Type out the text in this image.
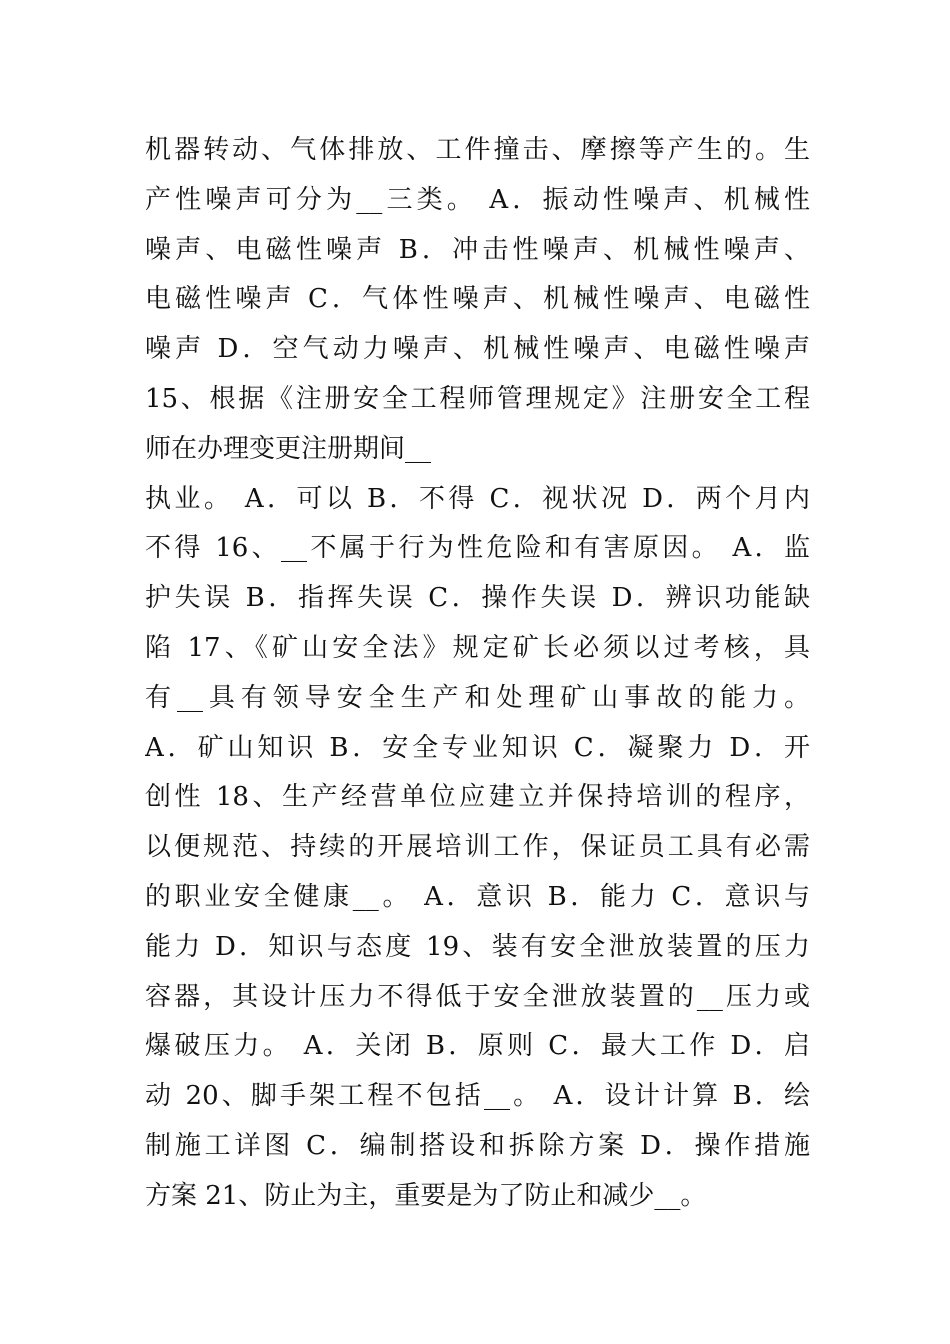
机器转动、气体排放、工件撞击、摩擦等产生的。生
产性噪声可分为__三类。 A．振动性噪声、机械性
噪声、电磁性噪声 B．冲击性噪声、机械性噪声、
电磁性噪声 C．气体性噪声、机械性噪声、电磁性
噪声 D．空气动力噪声、机械性噪声、电磁性噪声
15、根据《注册安全工程师管理规定》注册安全工程
师在办理变更注册期间__
执业。 A．可以 B．不得 C．视状况 D．两个月内
不得 16、__不属于行为性危险和有害原因。 A．监
护失误 B．指挥失误 C．操作失误 D．辨识功能缺
陷 17、《矿山安全法》规定矿长必须以过考核，具
有__具有领导安全生产和处理矿山事故的能力。
A．矿山知识 B．安全专业知识 C．凝聚力 D．开
创性 18、生产经营单位应建立并保持培训的程序，
以便规范、持续的开展培训工作，保证员工具有必需
的职业安全健康__。 A．意识 B．能力 C．意识与
能力 D．知识与态度 19、装有安全泄放装置的压力
容器，其设计压力不得低于安全泄放装置的__压力或
爆破压力。 A．关闭 B．原则 C．最大工作 D．启
动 20、脚手架工程不包括__。 A．设计计算 B．绘
制施工详图 C．编制搭设和拆除方案 D．操作措施
方案 21、防止为主，重要是为了防止和减少__。
